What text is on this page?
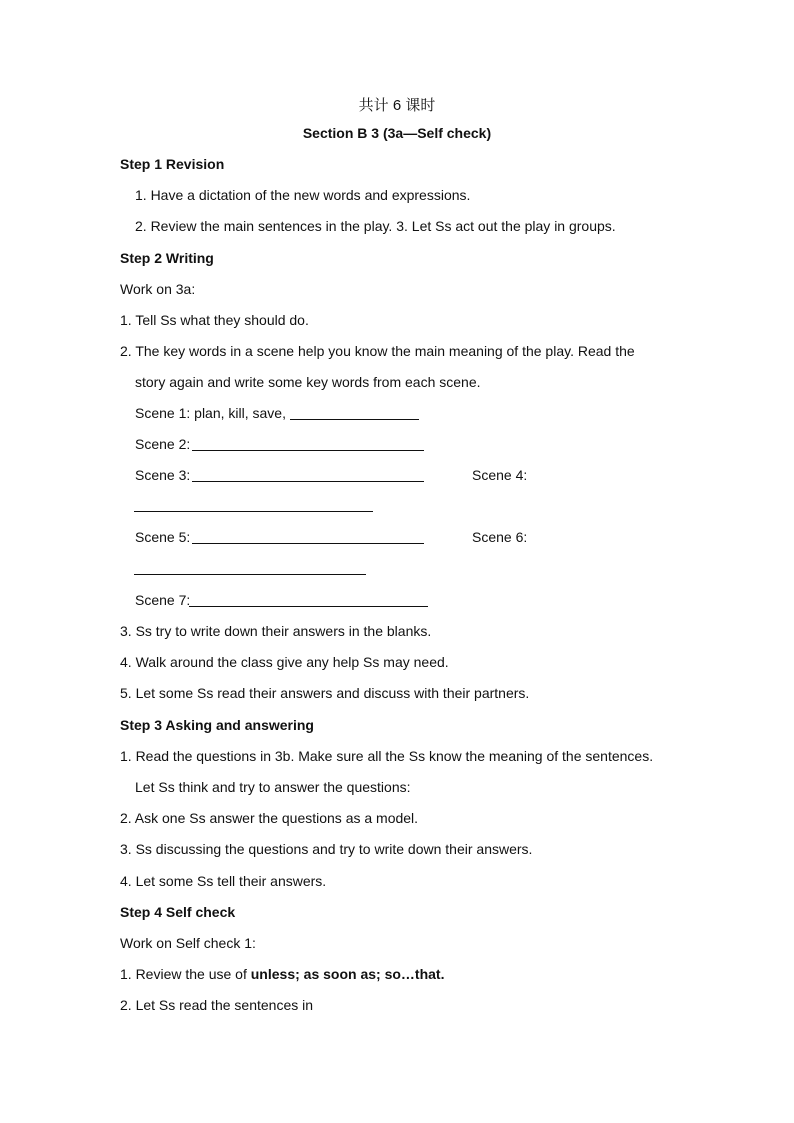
共计 6 课时
Section B 3 (3a—Self check)
Step 1 Revision
1. Have a dictation of the new words and expressions.
2. Review the main sentences in the play. 3. Let Ss act out the play in groups.
Step 2 Writing
Work on 3a:
1. Tell Ss what they should do.
2. The key words in a scene help you know the main meaning of the play. Read the
story again and write some key words from each scene.
Scene 1: plan, kill, save,
Scene 2:
Scene 3:	Scene 4:
Scene 5:	Scene 6:
Scene 7:
3. Ss try to write down their answers in the blanks.
4. Walk around the class give any help Ss may need.
5. Let some Ss read their answers and discuss with their partners.
Step 3 Asking and answering
1. Read the questions in 3b. Make sure all the Ss know the meaning of the sentences.
Let Ss think and try to answer the questions:
2. Ask one Ss answer the questions as a model.
3. Ss discussing the questions and try to write down their answers.
4. Let some Ss tell their answers.
Step 4 Self check
Work on Self check 1:
1. Review the use of unless; as soon as; so…that.
2. Let Ss read the sentences in
